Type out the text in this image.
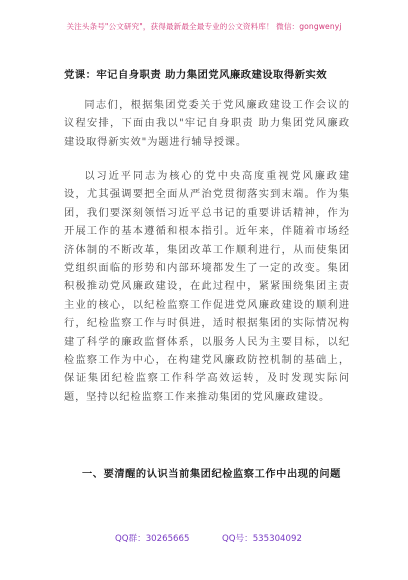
关注头条号"公文研究"，获得最新最全最专业的公文资料库！ 微信：gongwenyj
党课：牢记自身职责 助力集团党风廉政建设取得新实效

同志们，根据集团党委关于党风廉政建设工作会议的议程安排，下面由我以"牢记自身职责 助力集团党风廉政建设取得新实效"为题进行辅导授课。

以习近平同志为核心的党中央高度重视党风廉政建设，尤其强调要把全面从严治党贯彻落实到末端。作为集团，我们要深刻领悟习近平总书记的重要讲话精神，作为开展工作的基本遵循和根本指引。近年来，伴随着市场经济体制的不断改革，集团改革工作顺利进行，从而使集团党组织面临的形势和内部环境都发生了一定的改变。集团积极推动党风廉政建设，在此过程中，紧紧围绕集团主责主业的核心，以纪检监察工作促进党风廉政建设的顺利进行，纪检监察工作与时俱进，适时根据集团的实际情况构建了科学的廉政监督体系，以服务人民为主要目标，以纪检监察工作为中心，在构建党风廉政防控机制的基础上，保证集团纪检监察工作科学高效运转，及时发现实际问题，坚持以纪检监察工作来推动集团的党风廉政建设。

一、要清醒的认识当前集团纪检监察工作中出现的问题
QQ群：30265665	QQ号：535304092
